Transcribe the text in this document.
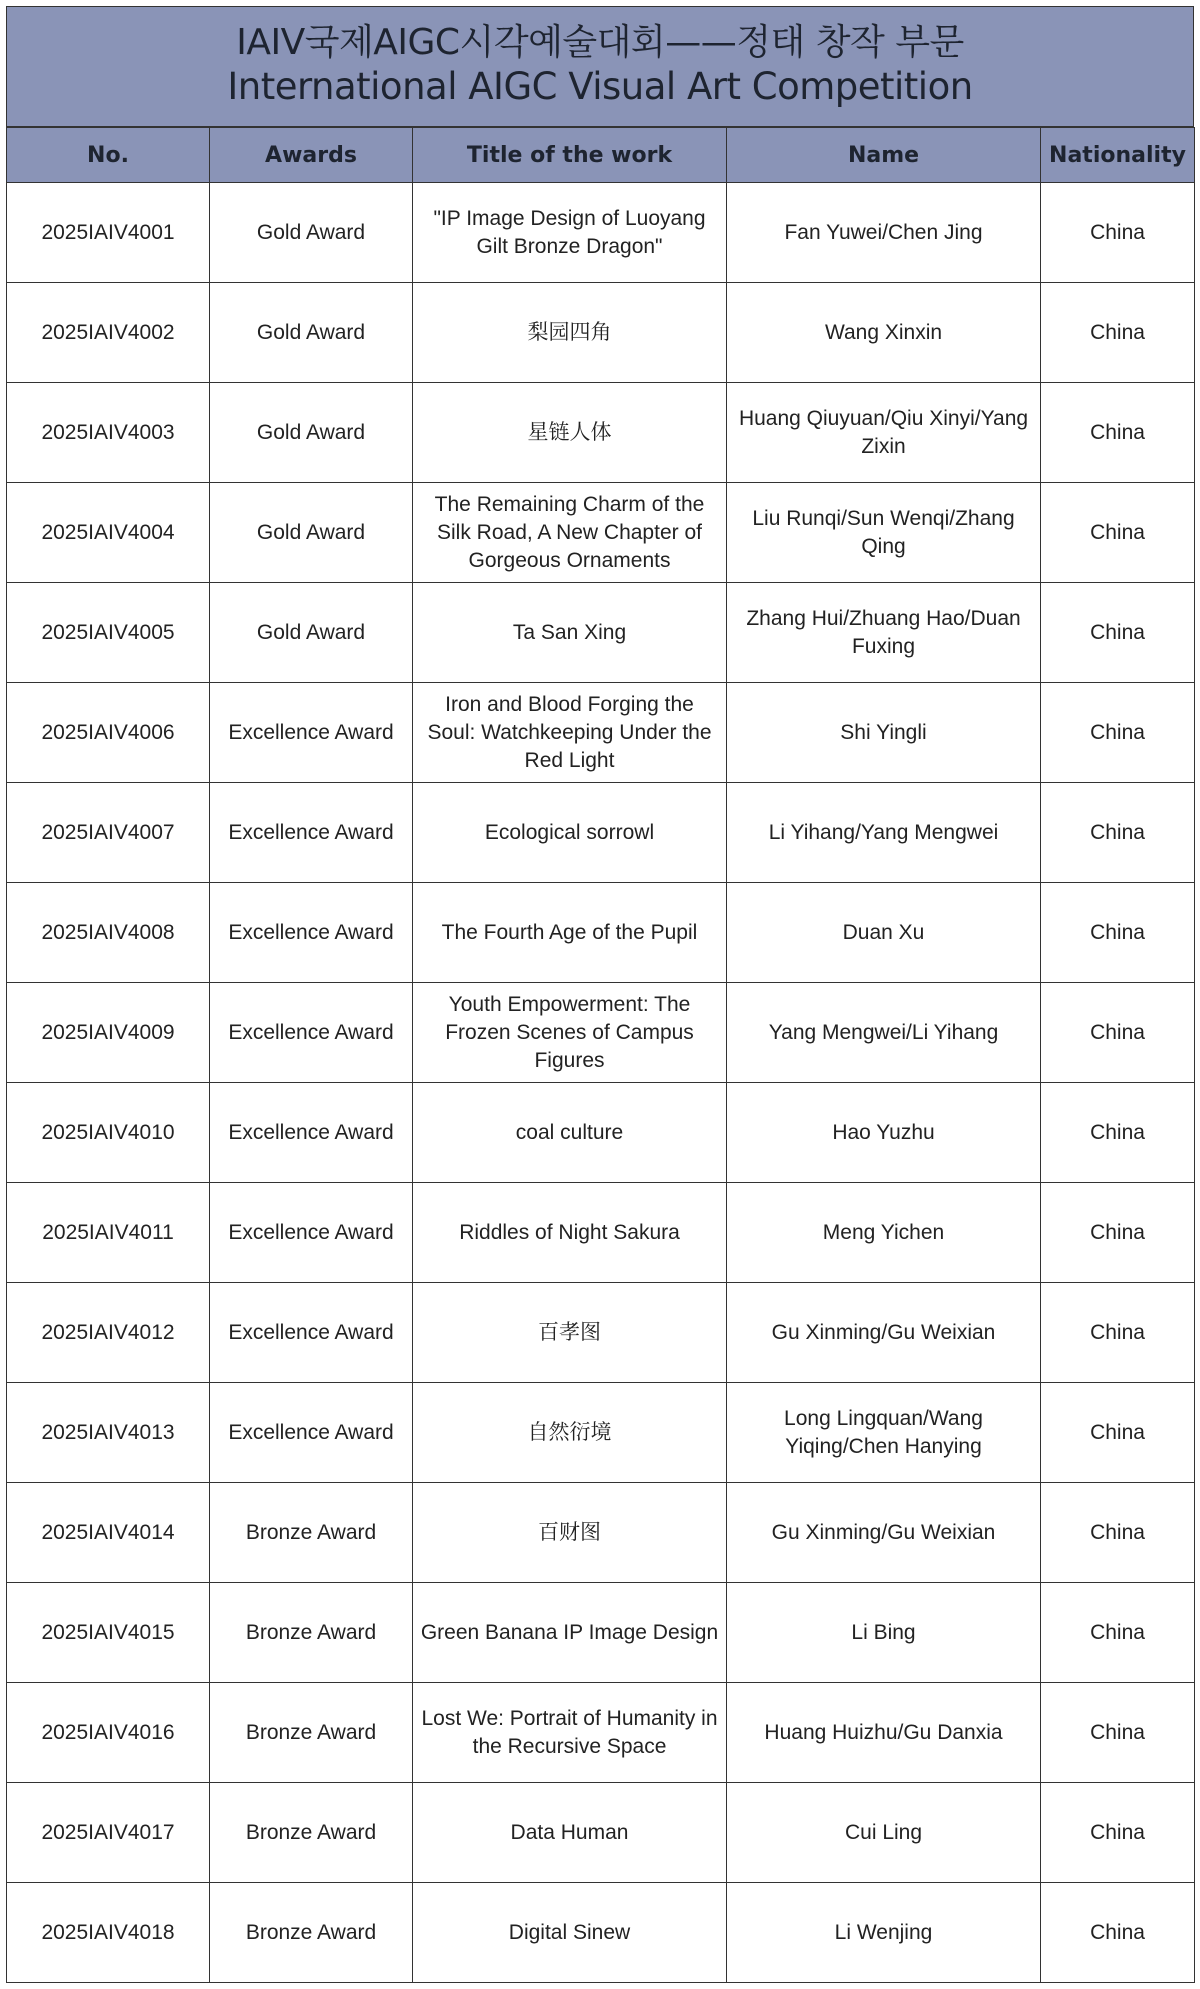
IAIV국제AIGC시각예술대회——정태 창작 부문
International AIGC Visual Art Competition
No.	Awards	Title of the work	Name	Nationality
2025IAIV4001	Gold Award	"IP Image Design of Luoyang Gilt Bronze Dragon"	Fan Yuwei/Chen Jing	China
2025IAIV4002	Gold Award	梨园四角	Wang Xinxin	China
2025IAIV4003	Gold Award	星链人体	Huang Qiuyuan/Qiu Xinyi/Yang Zixin	China
2025IAIV4004	Gold Award	The Remaining Charm of the Silk Road, A New Chapter of Gorgeous Ornaments	Liu Runqi/Sun Wenqi/Zhang Qing	China
2025IAIV4005	Gold Award	Ta San Xing	Zhang Hui/Zhuang Hao/Duan Fuxing	China
2025IAIV4006	Excellence Award	Iron and Blood Forging the Soul: Watchkeeping Under the Red Light	Shi Yingli	China
2025IAIV4007	Excellence Award	Ecological sorrowl	Li Yihang/Yang Mengwei	China
2025IAIV4008	Excellence Award	The Fourth Age of the Pupil	Duan Xu	China
2025IAIV4009	Excellence Award	Youth Empowerment: The Frozen Scenes of Campus Figures	Yang Mengwei/Li Yihang	China
2025IAIV4010	Excellence Award	coal culture	Hao Yuzhu	China
2025IAIV4011	Excellence Award	Riddles of Night Sakura	Meng Yichen	China
2025IAIV4012	Excellence Award	百孝图	Gu Xinming/Gu Weixian	China
2025IAIV4013	Excellence Award	自然衍境	Long Lingquan/Wang Yiqing/Chen Hanying	China
2025IAIV4014	Bronze Award	百财图	Gu Xinming/Gu Weixian	China
2025IAIV4015	Bronze Award	Green Banana IP Image Design	Li Bing	China
2025IAIV4016	Bronze Award	Lost We: Portrait of Humanity in the Recursive Space	Huang Huizhu/Gu Danxia	China
2025IAIV4017	Bronze Award	Data Human	Cui Ling	China
2025IAIV4018	Bronze Award	Digital Sinew	Li Wenjing	China
